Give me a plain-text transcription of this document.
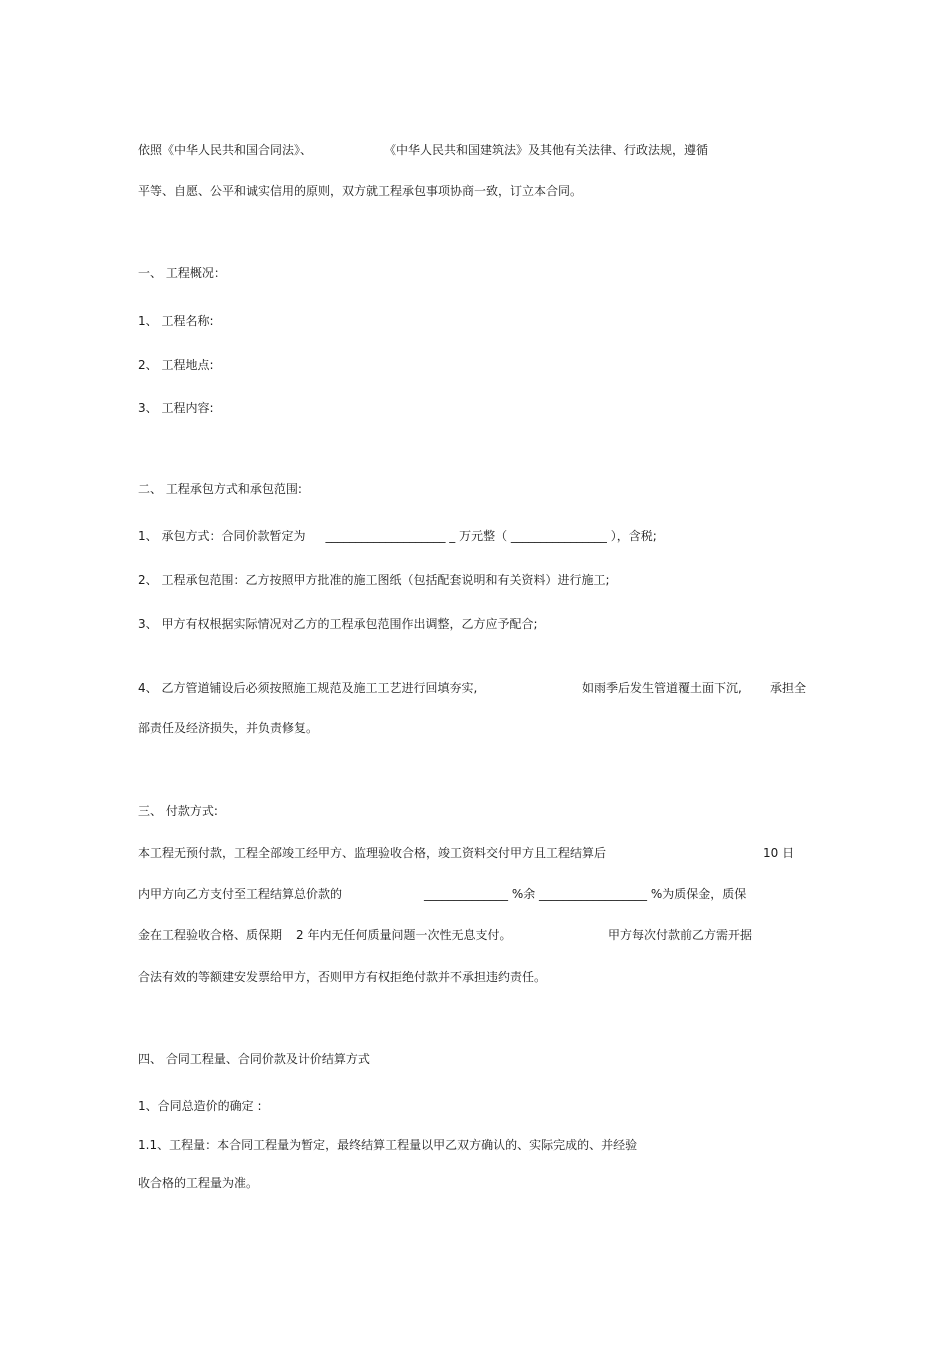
依照《中华人民共和国合同法》、	《中华人民共和国建筑法》及其他有关法律、行政法规，遵循
平等、自愿、公平和诚实信用的原则，双方就工程承包事项协商一致，订立本合同。
一、 工程概况：
1、 工程名称:
2、 工程地点:
3、 工程内容:
二、 工程承包方式和承包范围:
1、 承包方式：合同价款暂定为 ____________________ _ 万元整（ ________________ ），含税;
2、 工程承包范围：乙方按照甲方批准的施工图纸（包括配套说明和有关资料）进行施工;
3、 甲方有权根据实际情况对乙方的工程承包范围作出调整，乙方应予配合;
4、 乙方管道铺设后必须按照施工规范及施工工艺进行回填夯实,	如雨季后发生管道覆土面下沉, 承担全
部责任及经济损失，并负责修复。
三、 付款方式:
本工程无预付款，工程全部竣工经甲方、监理验收合格，竣工资料交付甲方且工程结算后	10 日
内甲方向乙方支付至工程结算总价款的	______________ %余 __________________ %为质保金，质保
金在工程验收合格、质保期 2 年内无任何质量问题一次性无息支付。	甲方每次付款前乙方需开据
合法有效的等额建安发票给甲方，否则甲方有权拒绝付款并不承担违约责任。
四、 合同工程量、合同价款及计价结算方式
1、合同总造价的确定 :
1.1、工程量：本合同工程量为暂定，最终结算工程量以甲乙双方确认的、实际完成的、并经验
收合格的工程量为准。
